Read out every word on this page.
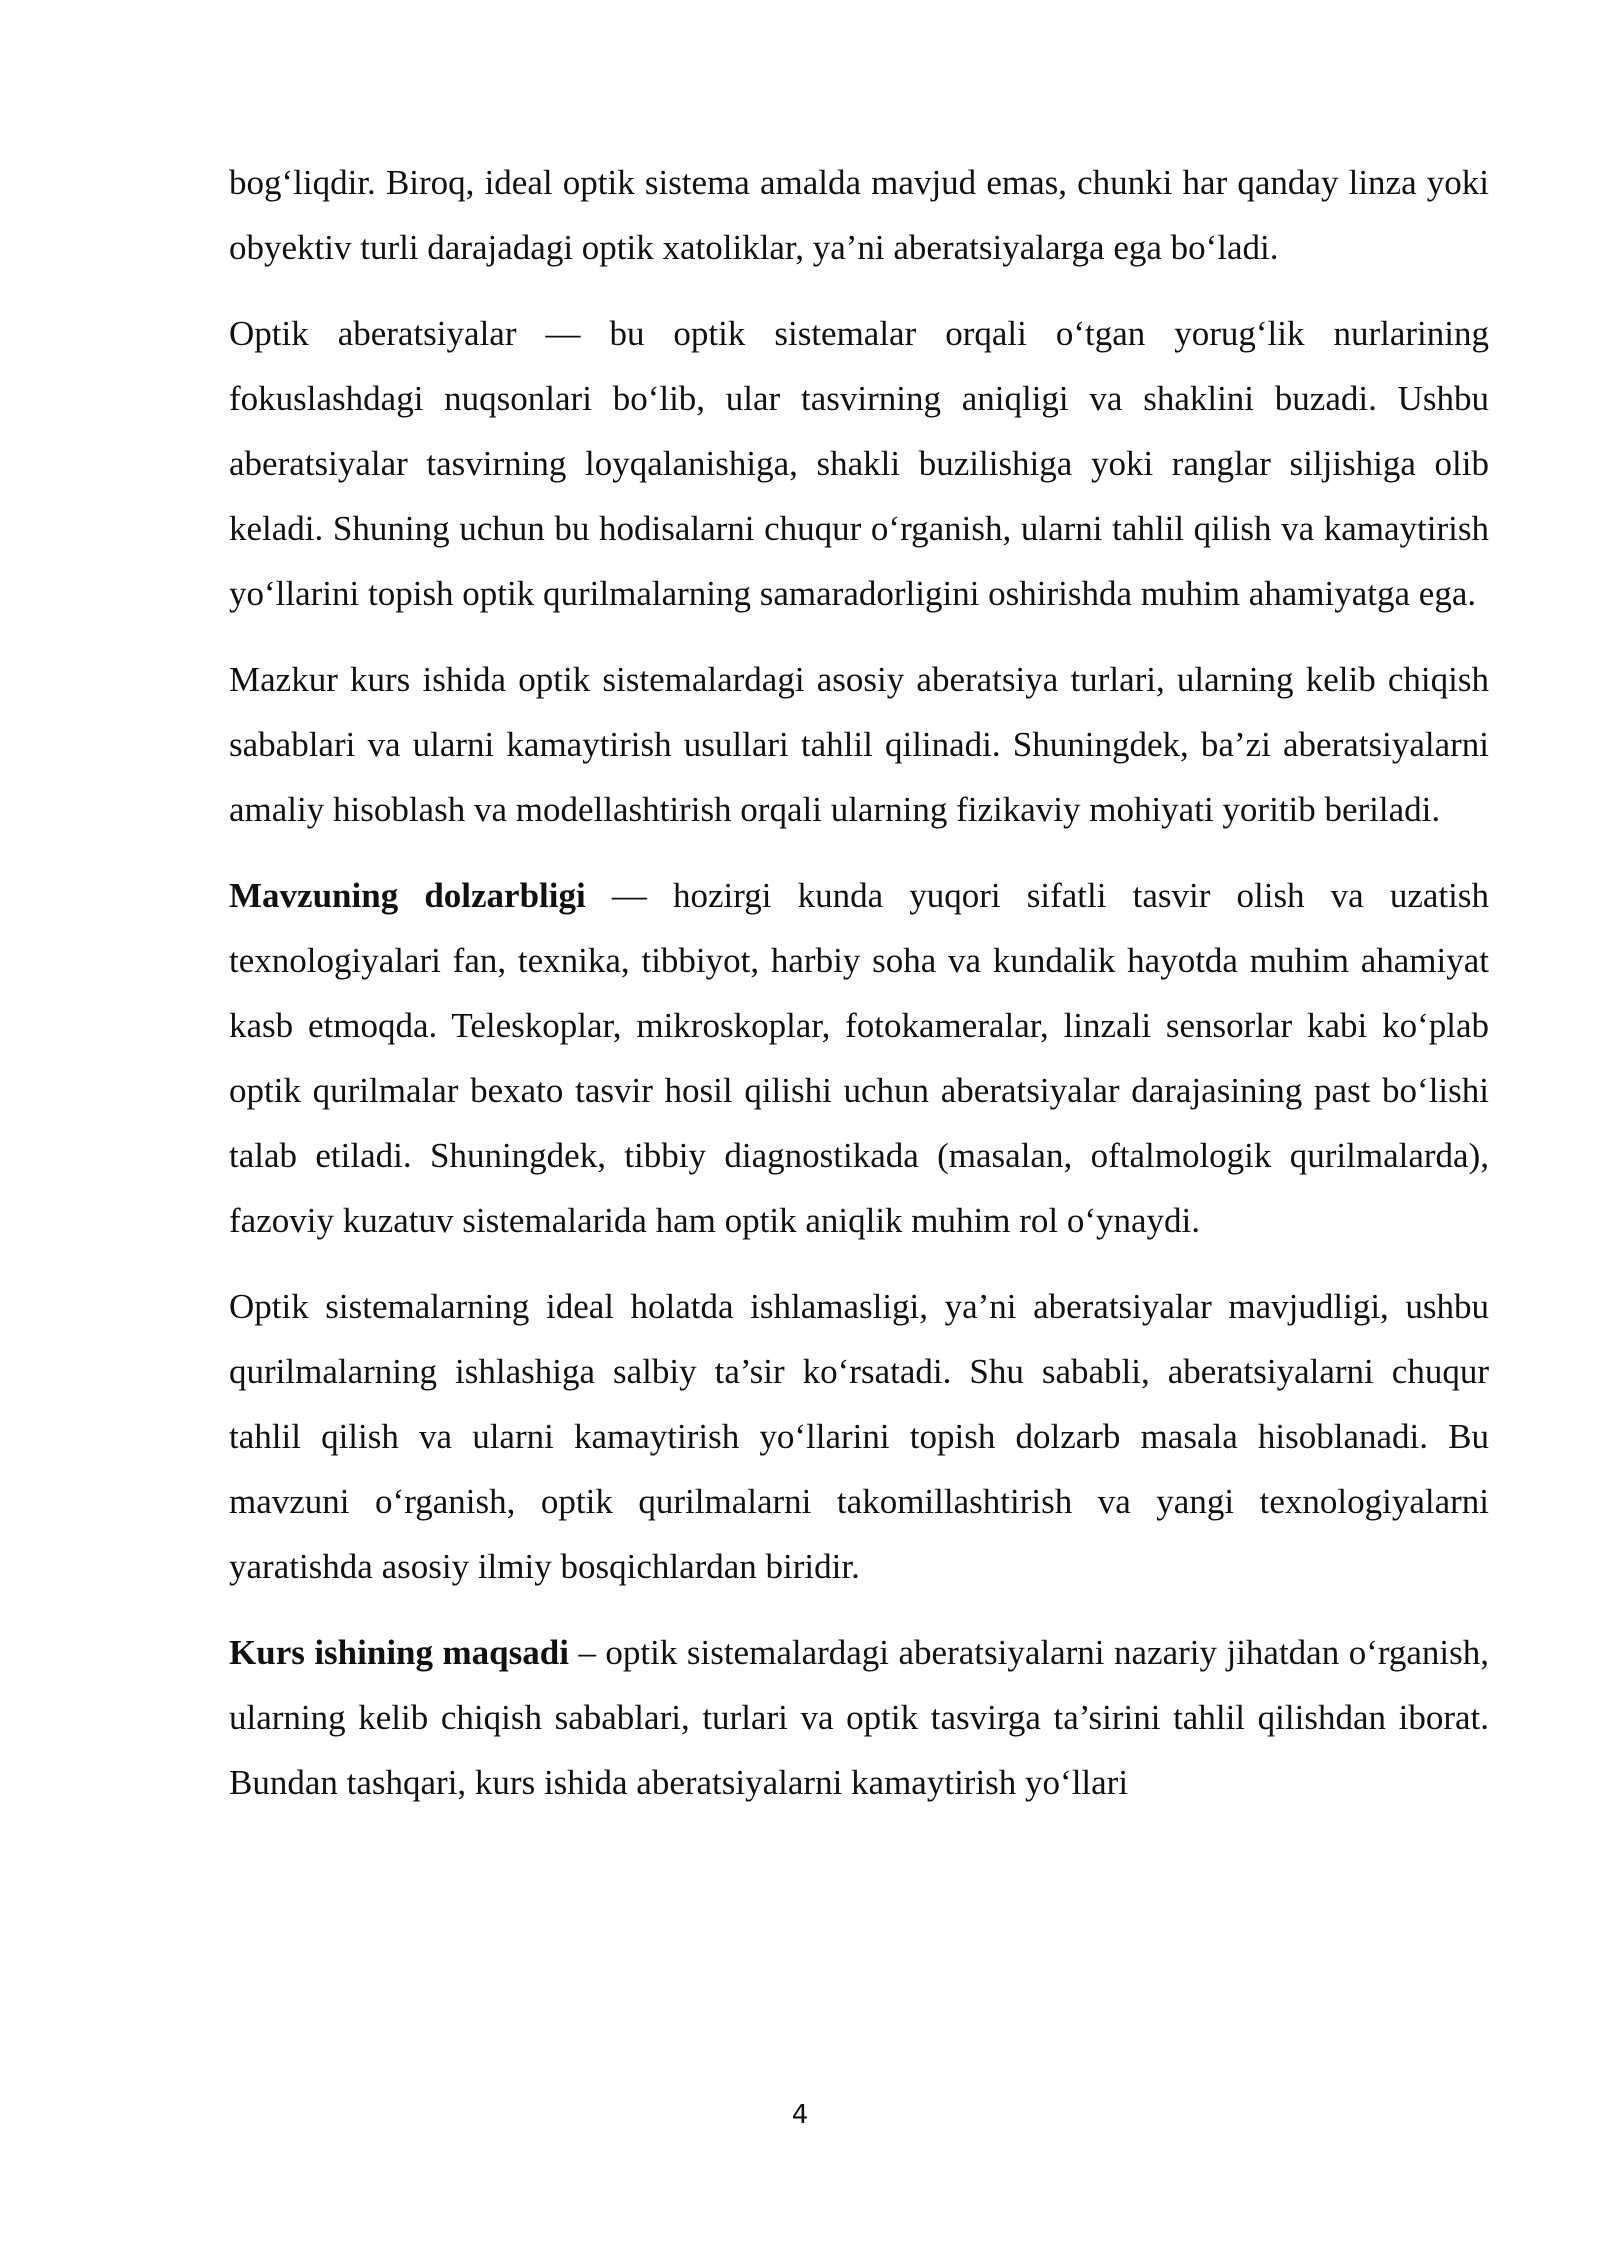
bog‘liqdir. Biroq, ideal optik sistema amalda mavjud emas, chunki har qanday linza yoki obyektiv turli darajadagi optik xatoliklar, ya’ni aberatsiyalarga ega bo‘ladi.

Optik aberatsiyalar — bu optik sistemalar orqali o‘tgan yorug‘lik nurlarining fokuslashdagi nuqsonlari bo‘lib, ular tasvirning aniqligi va shaklini buzadi. Ushbu aberatsiyalar tasvirning loyqalanishiga, shakli buzilishiga yoki ranglar siljishiga olib keladi. Shuning uchun bu hodisalarni chuqur o‘rganish, ularni tahlil qilish va kamaytirish yo‘llarini topish optik qurilmalarning samaradorligini oshirishda muhim ahamiyatga ega.

Mazkur kurs ishida optik sistemalardagi asosiy aberatsiya turlari, ularning kelib chiqish sabablari va ularni kamaytirish usullari tahlil qilinadi. Shuningdek, ba’zi aberatsiyalarni amaliy hisoblash va modellashtirish orqali ularning fizikaviy mohiyati yoritib beriladi.

Mavzuning dolzarbligi — hozirgi kunda yuqori sifatli tasvir olish va uzatish texnologiyalari fan, texnika, tibbiyot, harbiy soha va kundalik hayotda muhim ahamiyat kasb etmoqda. Teleskoplar, mikroskoplar, fotokameralar, linzali sensorlar kabi ko‘plab optik qurilmalar bexato tasvir hosil qilishi uchun aberatsiyalar darajasining past bo‘lishi talab etiladi. Shuningdek, tibbiy diagnostikada (masalan, oftalmologik qurilmalarda), fazoviy kuzatuv sistemalarida ham optik aniqlik muhim rol o‘ynaydi.

Optik sistemalarning ideal holatda ishlamasligi, ya’ni aberatsiyalar mavjudligi, ushbu qurilmalarning ishlashiga salbiy ta’sir ko‘rsatadi. Shu sababli, aberatsiyalarni chuqur tahlil qilish va ularni kamaytirish yo‘llarini topish dolzarb masala hisoblanadi. Bu mavzuni o‘rganish, optik qurilmalarni takomillashtirish va yangi texnologiyalarni yaratishda asosiy ilmiy bosqichlardan biridir.

Kurs ishining maqsadi – optik sistemalardagi aberatsiyalarni nazariy jihatdan o‘rganish, ularning kelib chiqish sabablari, turlari va optik tasvirga ta’sirini tahlil qilishdan iborat. Bundan tashqari, kurs ishida aberatsiyalarni kamaytirish yo‘llari

4
